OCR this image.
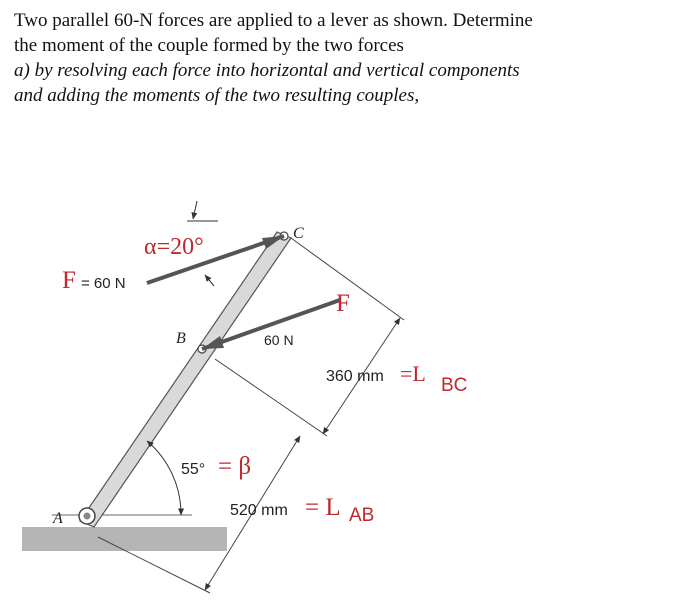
Two parallel 60-N forces are applied to a lever as shown. Determine

the moment of the couple formed by the two forces

a) by resolving each force into horizontal and vertical components

and adding the moments of the two resulting couples,

α=20°
F = 60 N
C
F
B	60 N
360 mm =L BC
55° = β
A	520 mm = L AB
